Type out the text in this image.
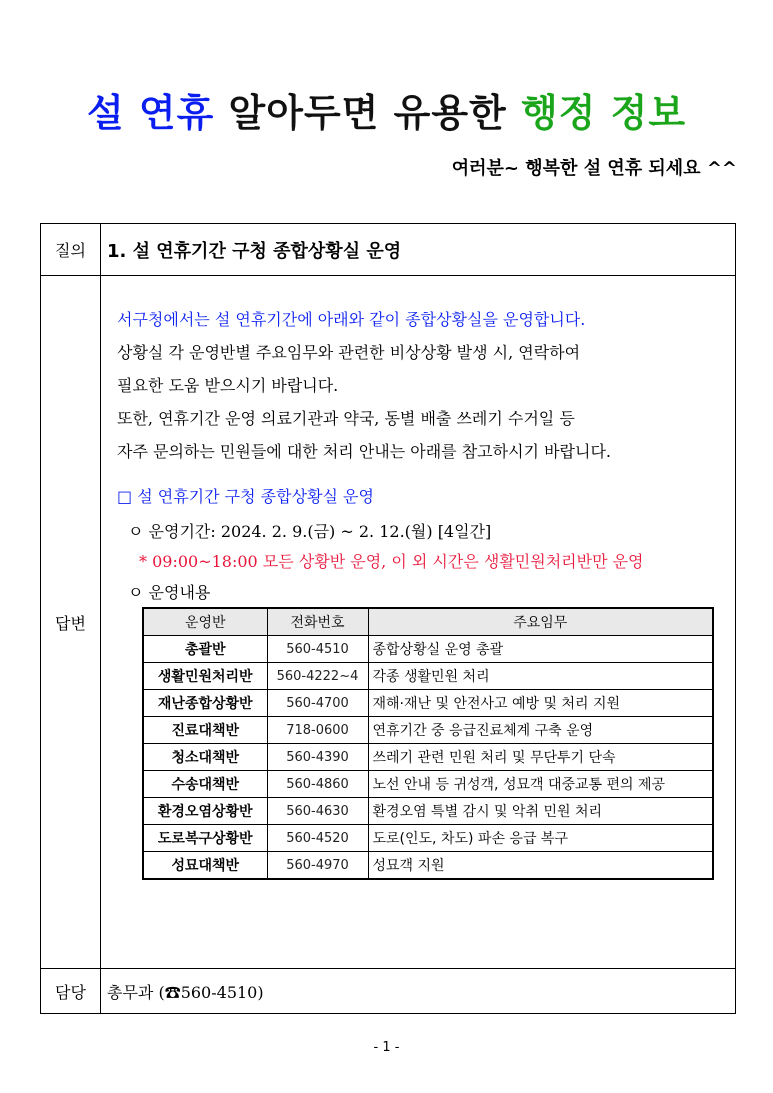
설 연휴 알아두면 유용한 행정 정보
여러분~ 행복한 설 연휴 되세요 ^^
질의	1. 설 연휴기간 구청 종합상황실 운영
답변
서구청에서는 설 연휴기간에 아래와 같이 종합상황실을 운영합니다.
상황실 각 운영반별 주요임무와 관련한 비상상황 발생 시, 연락하여
필요한 도움 받으시기 바랍니다.
또한, 연휴기간 운영 의료기관과 약국, 동별 배출 쓰레기 수거일 등
자주 문의하는 민원들에 대한 처리 안내는 아래를 참고하시기 바랍니다.
□ 설 연휴기간 구청 종합상황실 운영
ㅇ 운영기간: 2024. 2. 9.(금) ~ 2. 12.(월) [4일간]
* 09:00~18:00 모든 상황반 운영, 이 외 시간은 생활민원처리반만 운영
ㅇ 운영내용
운영반	전화번호	주요임무
총괄반	560-4510	종합상황실 운영 총괄
생활민원처리반	560-4222~4	각종 생활민원 처리
재난종합상황반	560-4700	재해·재난 및 안전사고 예방 및 처리 지원
진료대책반	718-0600	연휴기간 중 응급진료체계 구축 운영
청소대책반	560-4390	쓰레기 관련 민원 처리 및 무단투기 단속
수송대책반	560-4860	노선 안내 등 귀성객, 성묘객 대중교통 편의 제공
환경오염상황반	560-4630	환경오염 특별 감시 및 악취 민원 처리
도로복구상황반	560-4520	도로(인도, 차도) 파손 응급 복구
성묘대책반	560-4970	성묘객 지원
담당	총무과 (☎560-4510)
- 1 -
